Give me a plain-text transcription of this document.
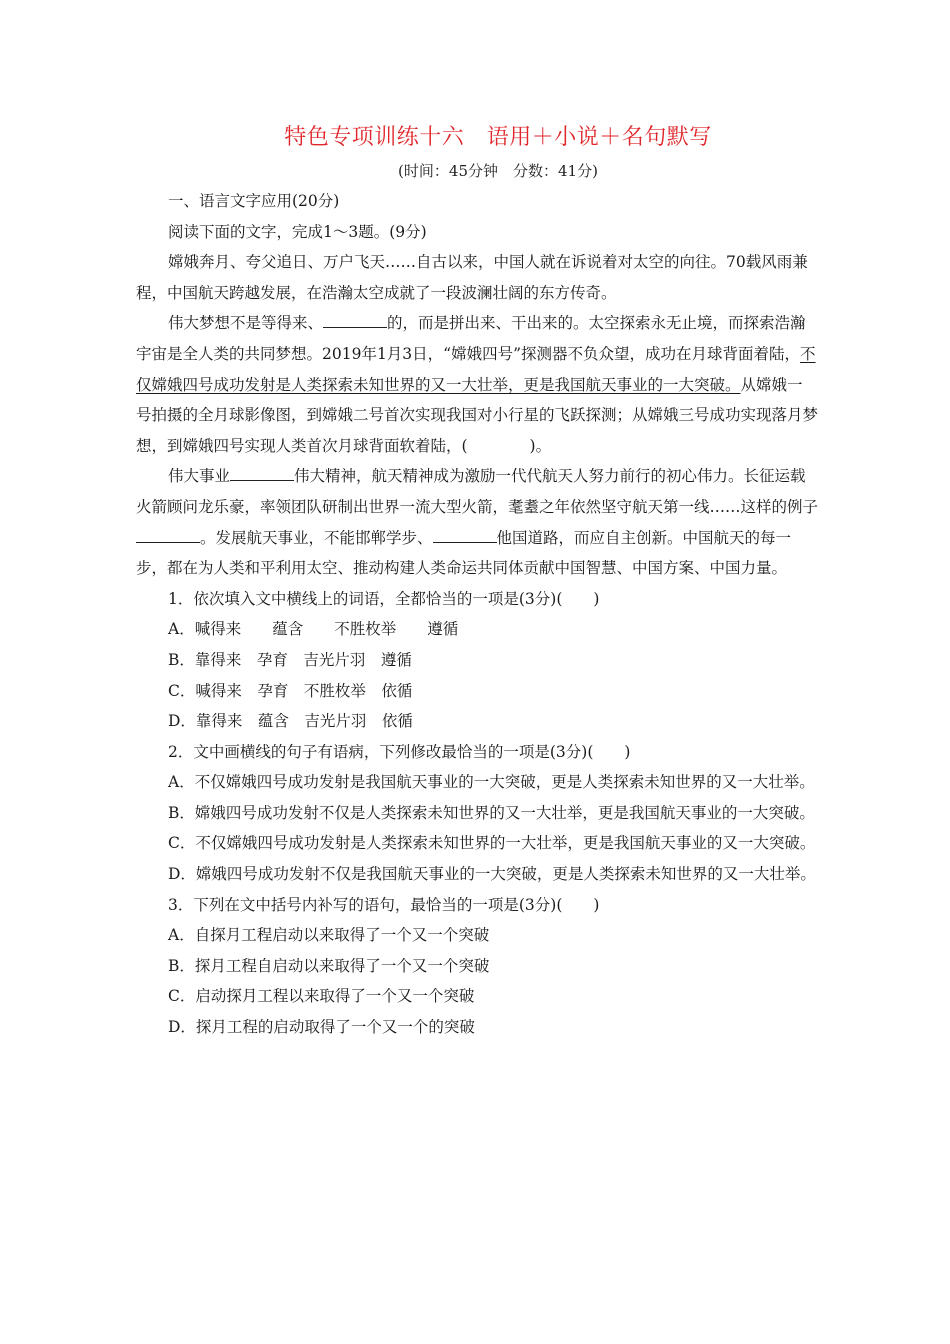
特色专项训练十六　语用＋小说＋名句默写
(时间：45分钟　分数：41分)

一、语言文字应用(20分)

阅读下面的文字，完成1～3题。(9分)

嫦娥奔月、夸父追日、万户飞天……自古以来，中国人就在诉说着对太空的向往。70载风雨兼程，中国航天跨越发展，在浩瀚太空成就了一段波澜壮阔的东方传奇。

伟大梦想不是等得来、	的，而是拼出来、干出来的。太空探索永无止境，而探索浩瀚宇宙是全人类的共同梦想。2019年1月3日，“嫦娥四号”探测器不负众望，成功在月球背面着陆，不仅嫦娥四号成功发射是人类探索未知世界的又一大壮举，更是我国航天事业的一大突破。从嫦娥一号拍摄的全月球影像图，到嫦娥二号首次实现我国对小行星的飞跃探测；从嫦娥三号成功实现落月梦想，到嫦娥四号实现人类首次月球背面软着陆，(　　　　)。

伟大事业	伟大精神，航天精神成为激励一代代航天人努力前行的初心伟力。长征运载火箭顾问龙乐豪，率领团队研制出世界一流大型火箭，耄耋之年依然坚守航天第一线……这样的例子。发展航天事业，不能邯郸学步、	他国道路，而应自主创新。中国航天的每一步，都在为人类和平利用太空、推动构建人类命运共同体贡献中国智慧、中国方案、中国力量。

1．依次填入文中横线上的词语，全都恰当的一项是(3分)(　　)

A．喊得来　　蕴含　　不胜枚举　　遵循

B．靠得来　孕育　吉光片羽　遵循

C．喊得来　孕育　不胜枚举　依循

D．靠得来　蕴含　吉光片羽　依循

2．文中画横线的句子有语病，下列修改最恰当的一项是(3分)(　　)

A．不仅嫦娥四号成功发射是我国航天事业的一大突破，更是人类探索未知世界的又一大壮举。

B．嫦娥四号成功发射不仅是人类探索未知世界的又一大壮举，更是我国航天事业的一大突破。

C．不仅嫦娥四号成功发射是人类探索未知世界的一大壮举，更是我国航天事业的又一大突破。

D．嫦娥四号成功发射不仅是我国航天事业的一大突破，更是人类探索未知世界的又一大壮举。

3．下列在文中括号内补写的语句，最恰当的一项是(3分)(　　)

A．自探月工程启动以来取得了一个又一个突破

B．探月工程自启动以来取得了一个又一个突破

C．启动探月工程以来取得了一个又一个突破

D．探月工程的启动取得了一个又一个的突破
